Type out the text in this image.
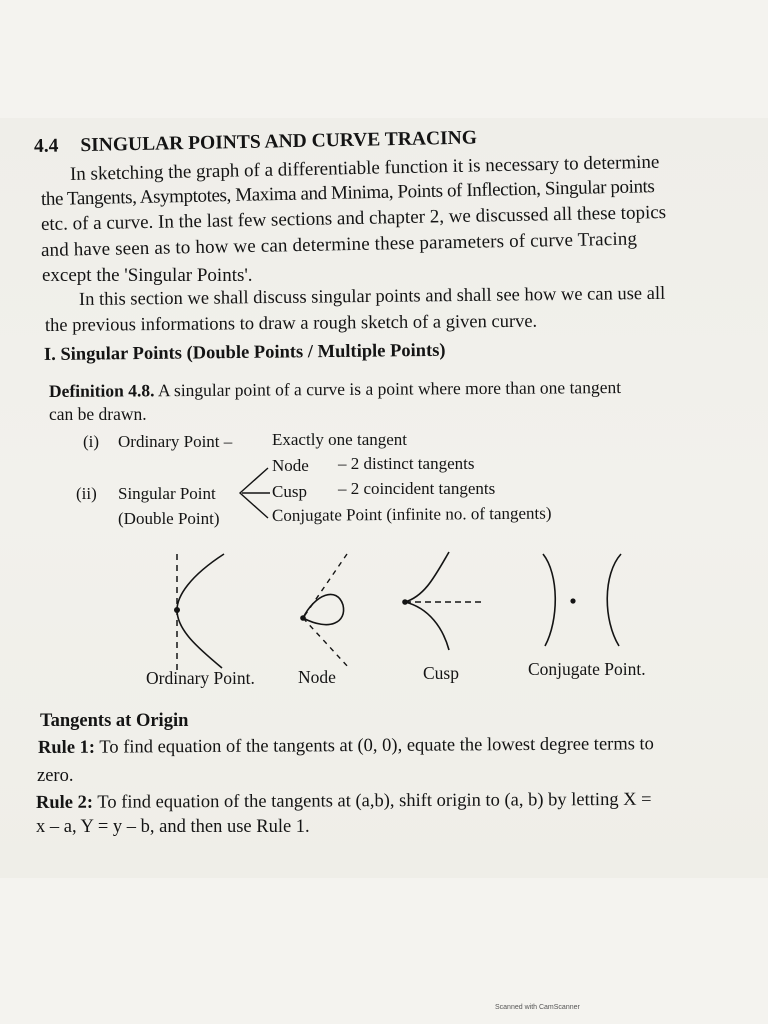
4.4 SINGULAR POINTS AND CURVE TRACING
In sketching the graph of a differentiable function it is necessary to determine
the Tangents, Asymptotes, Maxima and Minima, Points of Inflection, Singular points
etc. of a curve. In the last few sections and chapter 2, we discussed all these topics
and have seen as to how we can determine these parameters of curve Tracing
except the 'Singular Points'.
In this section we shall discuss singular points and shall see how we can use all
the previous informations to draw a rough sketch of a given curve.
I. Singular Points (Double Points / Multiple Points)
Definition 4.8. A singular point of a curve is a point where more than one tangent
can be drawn.
(i) Ordinary Point – Exactly one tangent
Node – 2 distinct tangents
(ii) Singular Point	Cusp – 2 coincident tangents
(Double Point)	Conjugate Point (infinite no. of tangents)
Ordinary Point. Node	Cusp	Conjugate Point.
Tangents at Origin
Rule 1: To find equation of the tangents at (0, 0), equate the lowest degree terms to
zero.
Rule 2: To find equation of the tangents at (a,b), shift origin to (a, b) by letting X =
x – a, Y = y – b, and then use Rule 1.
Scanned with CamScanner
